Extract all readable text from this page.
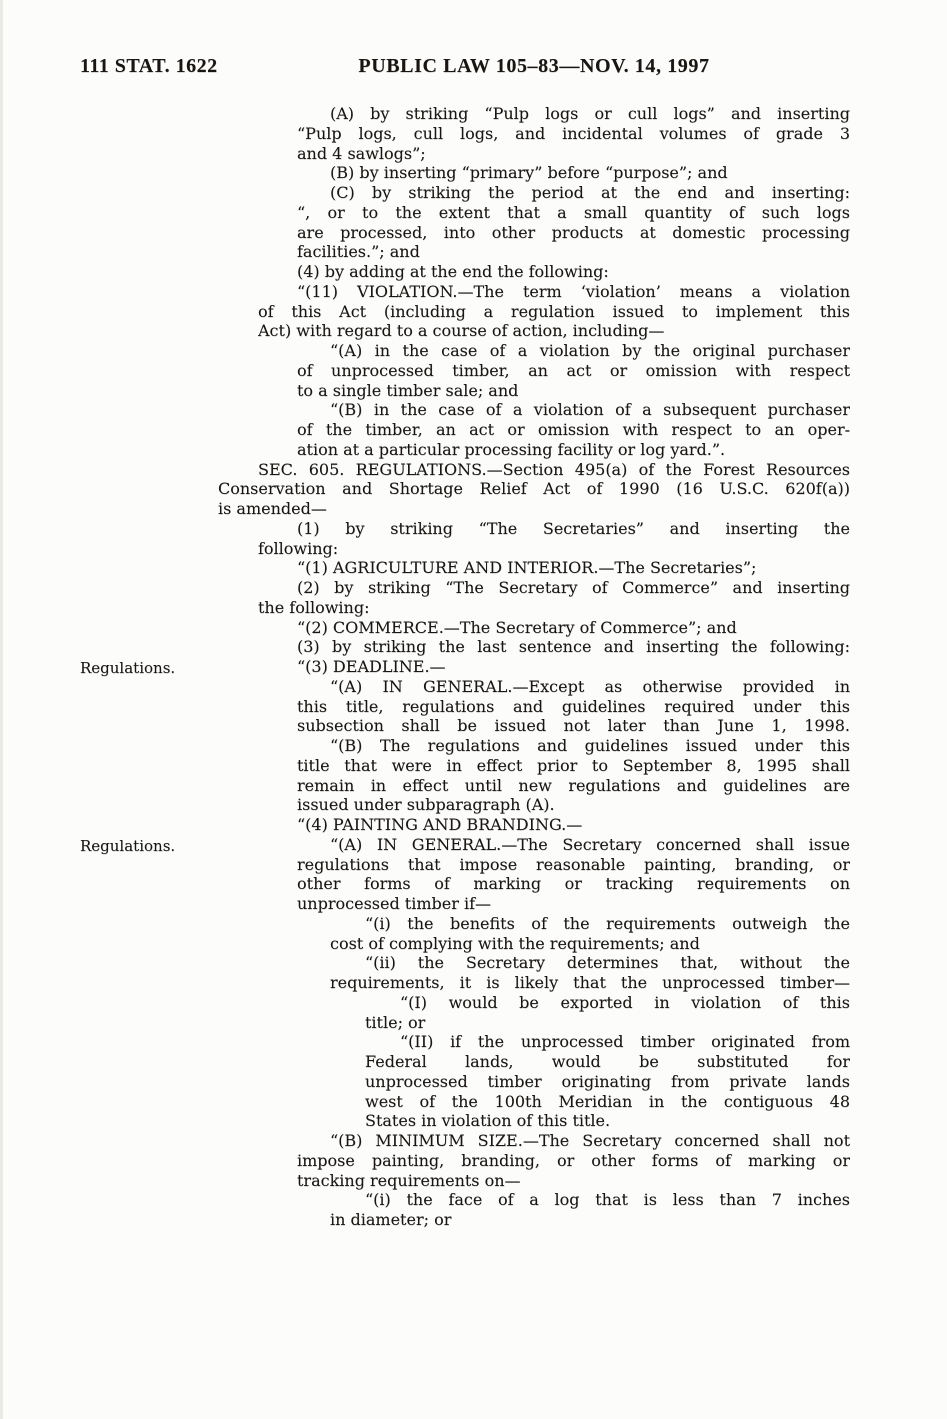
111 STAT. 1622	PUBLIC LAW 105–83—NOV. 14, 1997
Regulations.
Regulations.
(A) by striking “Pulp logs or cull logs” and inserting
“Pulp logs, cull logs, and incidental volumes of grade 3
and 4 sawlogs”;
(B) by inserting “primary” before “purpose”; and
(C) by striking the period at the end and inserting:
“, or to the extent that a small quantity of such logs
are processed, into other products at domestic processing
facilities.”; and
(4) by adding at the end the following:
“(11) VIOLATION.—The term ‘violation’ means a violation
of this Act (including a regulation issued to implement this
Act) with regard to a course of action, including—
“(A) in the case of a violation by the original purchaser
of unprocessed timber, an act or omission with respect
to a single timber sale; and
“(B) in the case of a violation of a subsequent purchaser
of the timber, an act or omission with respect to an oper-
ation at a particular processing facility or log yard.”.
SEC. 605. REGULATIONS.—Section 495(a) of the Forest Resources
Conservation and Shortage Relief Act of 1990 (16 U.S.C. 620f(a))
is amended—
(1) by striking “The Secretaries” and inserting the
following:
“(1) AGRICULTURE AND INTERIOR.—The Secretaries”;
(2) by striking “The Secretary of Commerce” and inserting
the following:
“(2) COMMERCE.—The Secretary of Commerce”; and
(3) by striking the last sentence and inserting the following:
“(3) DEADLINE.—
“(A) IN GENERAL.—Except as otherwise provided in
this title, regulations and guidelines required under this
subsection shall be issued not later than June 1, 1998.
“(B) The regulations and guidelines issued under this
title that were in effect prior to September 8, 1995 shall
remain in effect until new regulations and guidelines are
issued under subparagraph (A).
“(4) PAINTING AND BRANDING.—
“(A) IN GENERAL.—The Secretary concerned shall issue
regulations that impose reasonable painting, branding, or
other forms of marking or tracking requirements on
unprocessed timber if—
“(i) the benefits of the requirements outweigh the
cost of complying with the requirements; and
“(ii) the Secretary determines that, without the
requirements, it is likely that the unprocessed timber—
“(I) would be exported in violation of this
title; or
“(II) if the unprocessed timber originated from
Federal lands, would be substituted for
unprocessed timber originating from private lands
west of the 100th Meridian in the contiguous 48
States in violation of this title.
“(B) MINIMUM SIZE.—The Secretary concerned shall not
impose painting, branding, or other forms of marking or
tracking requirements on—
“(i) the face of a log that is less than 7 inches
in diameter; or
